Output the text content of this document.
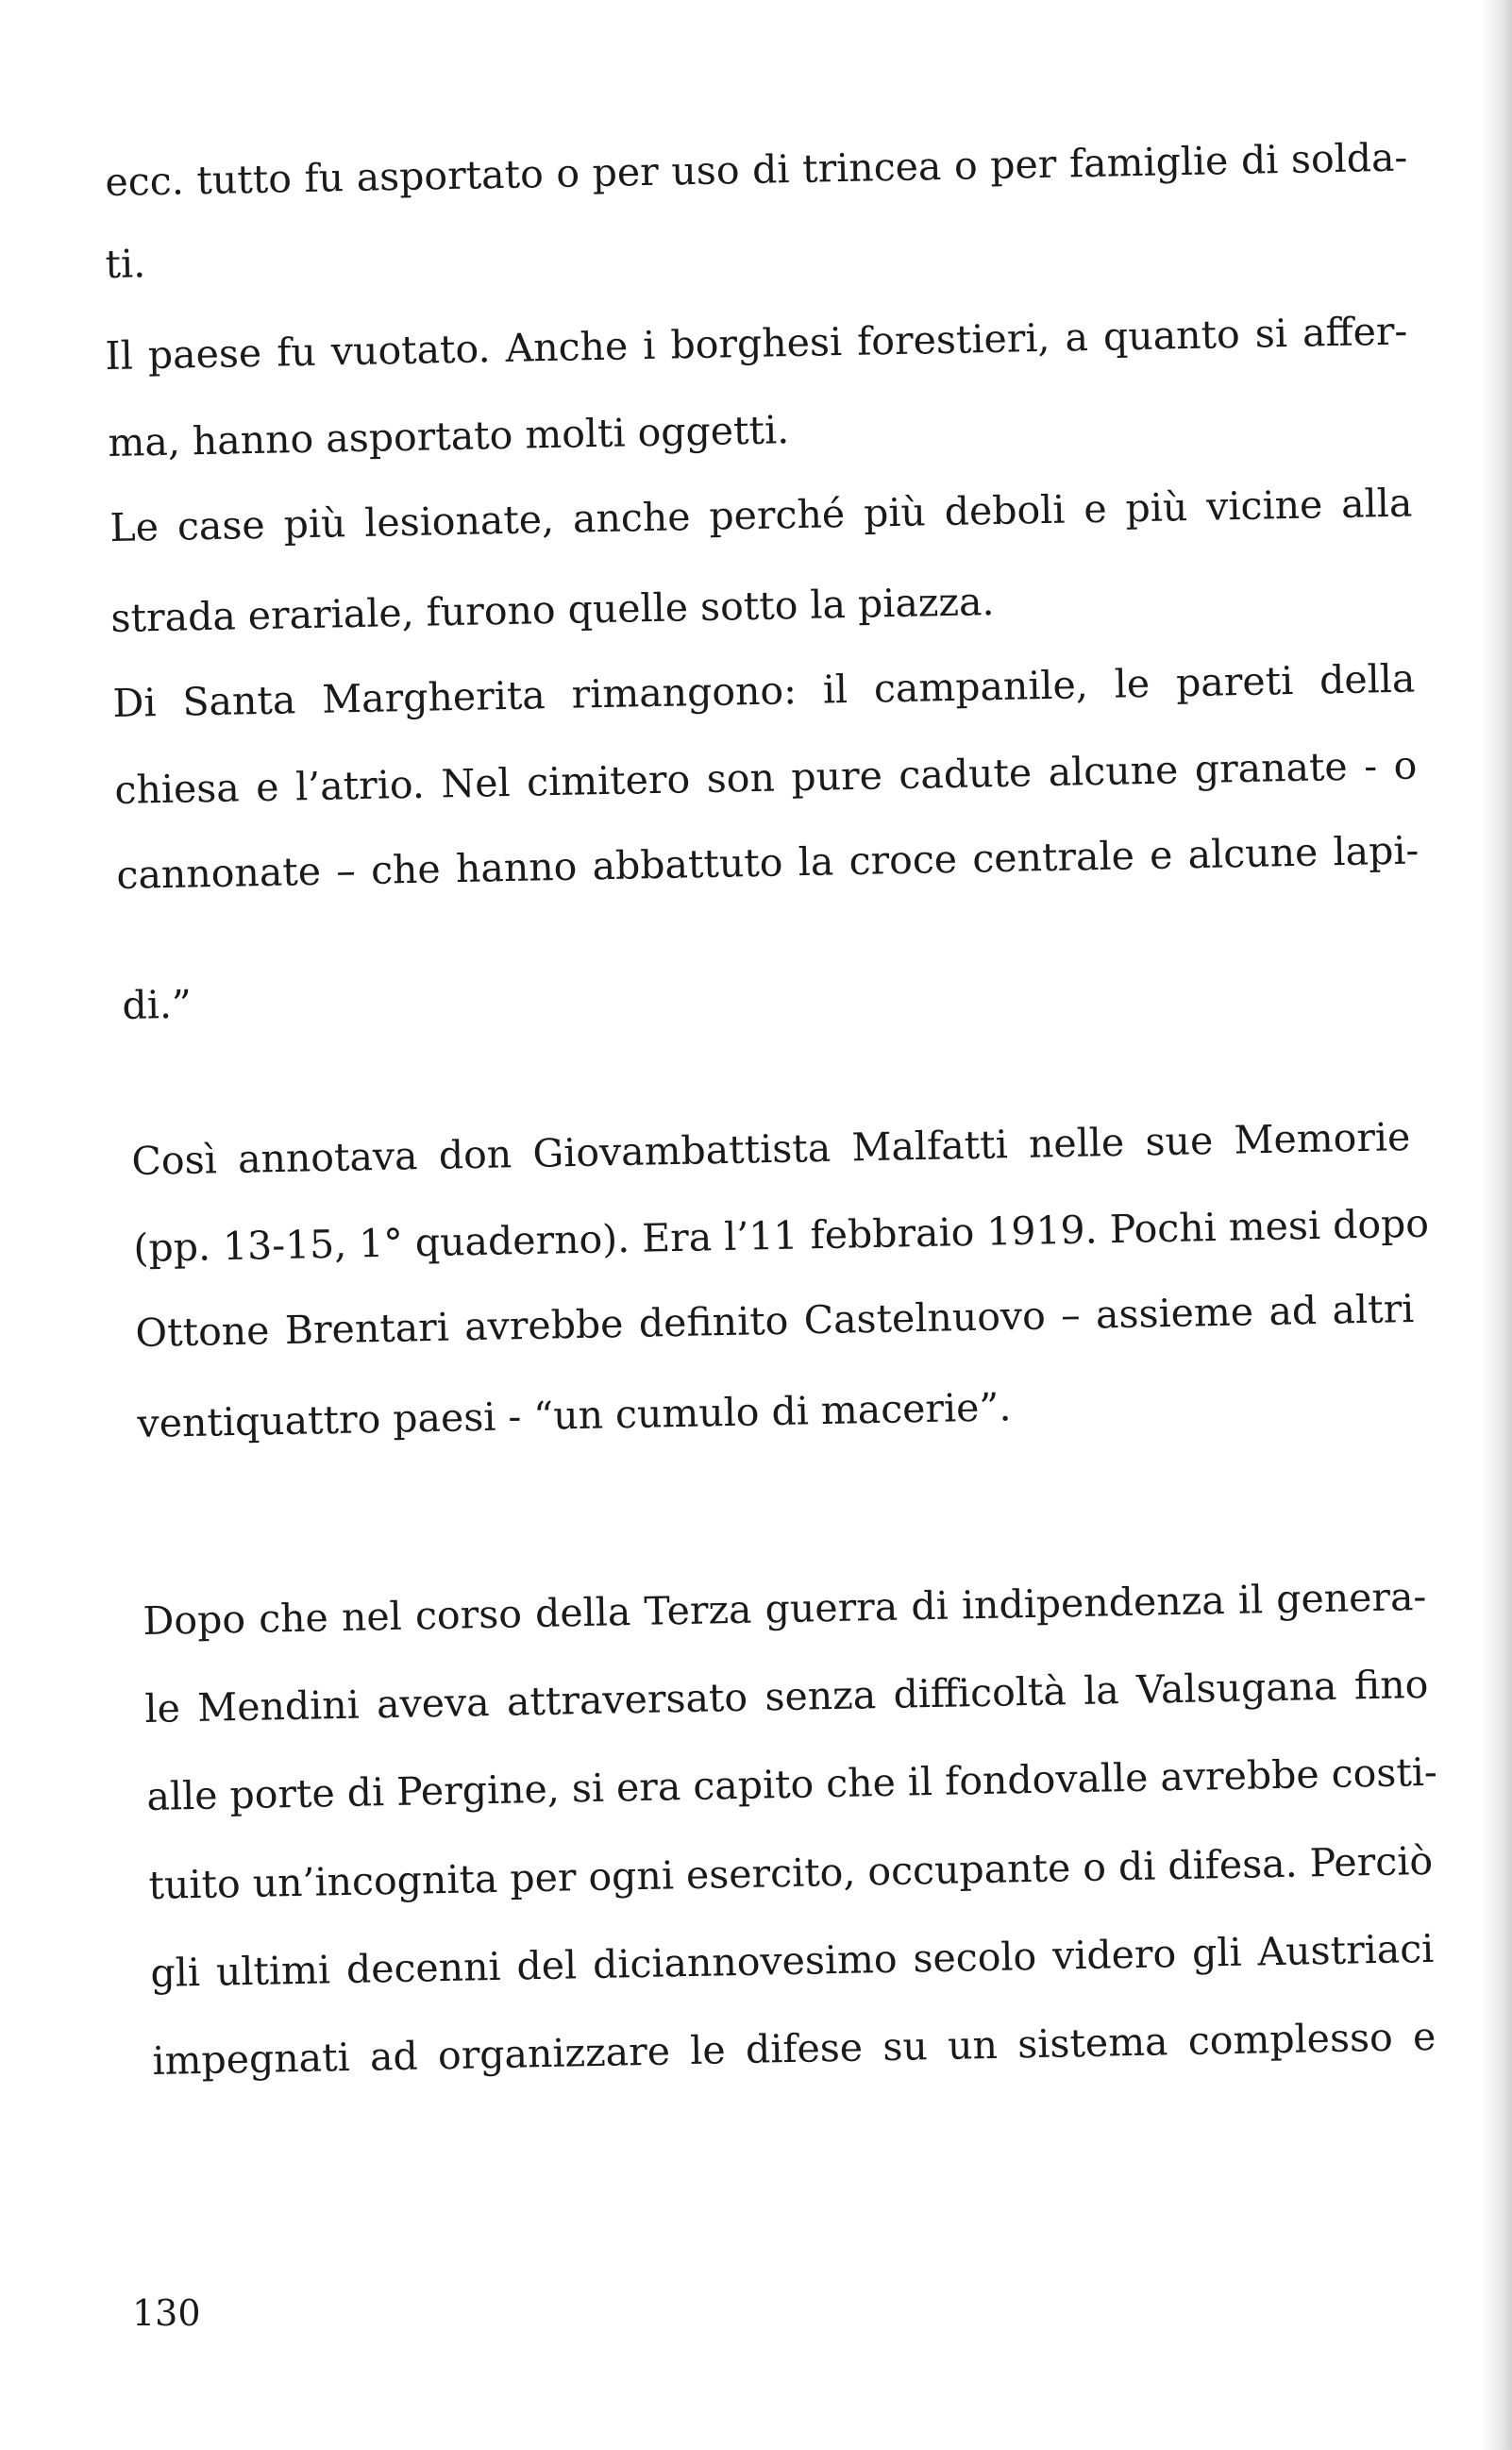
ecc. tutto fu asportato o per uso di trincea o per famiglie di solda-
ti.
Il paese fu vuotato. Anche i borghesi forestieri, a quanto si affer-
ma, hanno asportato molti oggetti.
Le case più lesionate, anche perché più deboli e più vicine alla
strada erariale, furono quelle sotto la piazza.
Di Santa Margherita rimangono: il campanile, le pareti della
chiesa e l’atrio. Nel cimitero son pure cadute alcune granate - o
cannonate – che hanno abbattuto la croce centrale e alcune lapi-
di.”
Così annotava don Giovambattista Malfatti nelle sue Memorie
(pp. 13-15, 1° quaderno). Era l’11 febbraio 1919. Pochi mesi dopo
Ottone Brentari avrebbe definito Castelnuovo – assieme ad altri
ventiquattro paesi - “un cumulo di macerie”.
Dopo che nel corso della Terza guerra di indipendenza il genera-
le Mendini aveva attraversato senza difficoltà la Valsugana fino
alle porte di Pergine, si era capito che il fondovalle avrebbe costi-
tuito un’incognita per ogni esercito, occupante o di difesa. Perciò
gli ultimi decenni del diciannovesimo secolo videro gli Austriaci
impegnati ad organizzare le difese su un sistema complesso e

130
